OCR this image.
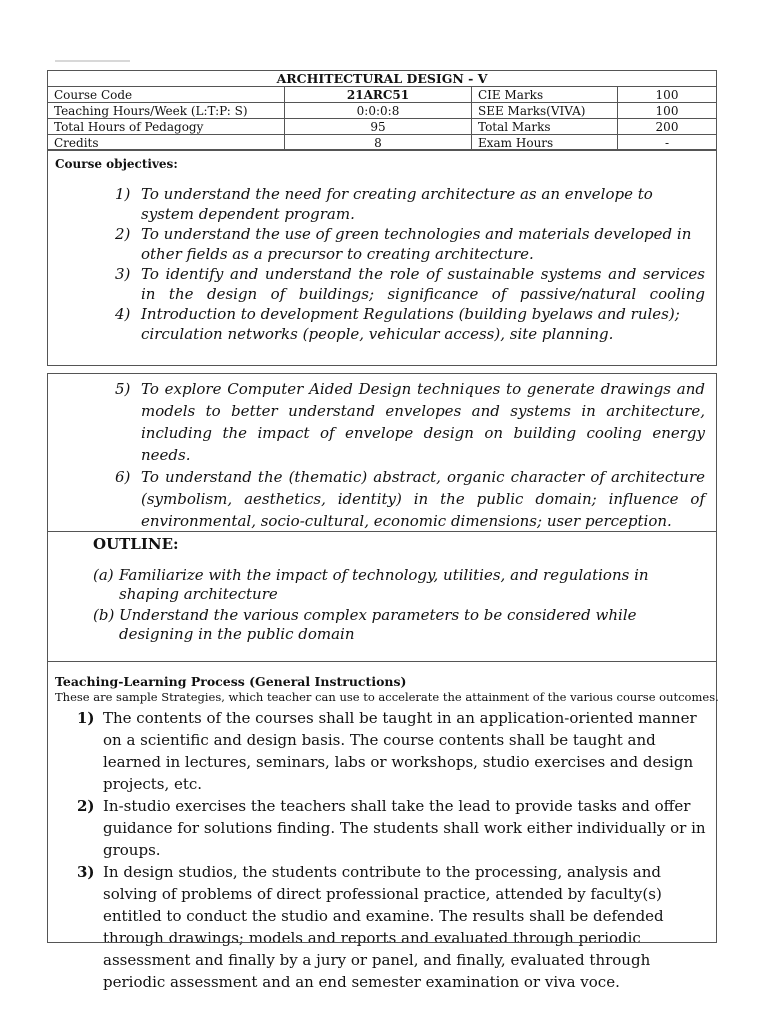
ARCHITECTURAL DESIGN - V			
Course Code	21ARC51	CIE Marks	100
Teaching Hours/Week (L:T:P: S)	0:0:0:8	SEE Marks(VIVA)	100
Total Hours of Pedagogy	95	Total Marks	200
Credits	8	Exam Hours	-
Course objectives:
1) To understand the need for creating architecture as an envelope to system dependent program.
2) To understand the use of green technologies and materials developed in other fields as a precursor to creating architecture.
3) To identify and understand the role of sustainable systems and services in the design of buildings; significance of passive/natural cooling
4) Introduction to development Regulations (building byelaws and rules); circulation networks (people, vehicular access), site planning.
5) To explore Computer Aided Design techniques to generate drawings and models to better understand envelopes and systems in architecture, including the impact of envelope design on building cooling energy needs.
6) To understand the (thematic) abstract, organic character of architecture (symbolism, aesthetics, identity) in the public domain; influence of environmental, socio-cultural, economic dimensions; user perception.
OUTLINE:
(a) Familiarize with the impact of technology, utilities, and regulations in shaping architecture
(b) Understand the various complex parameters to be considered while designing in the public domain
Teaching-Learning Process (General Instructions)
These are sample Strategies, which teacher can use to accelerate the attainment of the various course outcomes.
1) The contents of the courses shall be taught in an application-oriented manner on a scientific and design basis. The course contents shall be taught and learned in lectures, seminars, labs or workshops, studio exercises and design projects, etc.
2) In-studio exercises the teachers shall take the lead to provide tasks and offer guidance for solutions finding. The students shall work either individually or in groups.
3) In design studios, the students contribute to the processing, analysis and solving of problems of direct professional practice, attended by faculty(s) entitled to conduct the studio and examine. The results shall be defended through drawings; models and reports and evaluated through periodic assessment and finally by a jury or panel, and finally, evaluated through periodic assessment and an end semester examination or viva voce.
